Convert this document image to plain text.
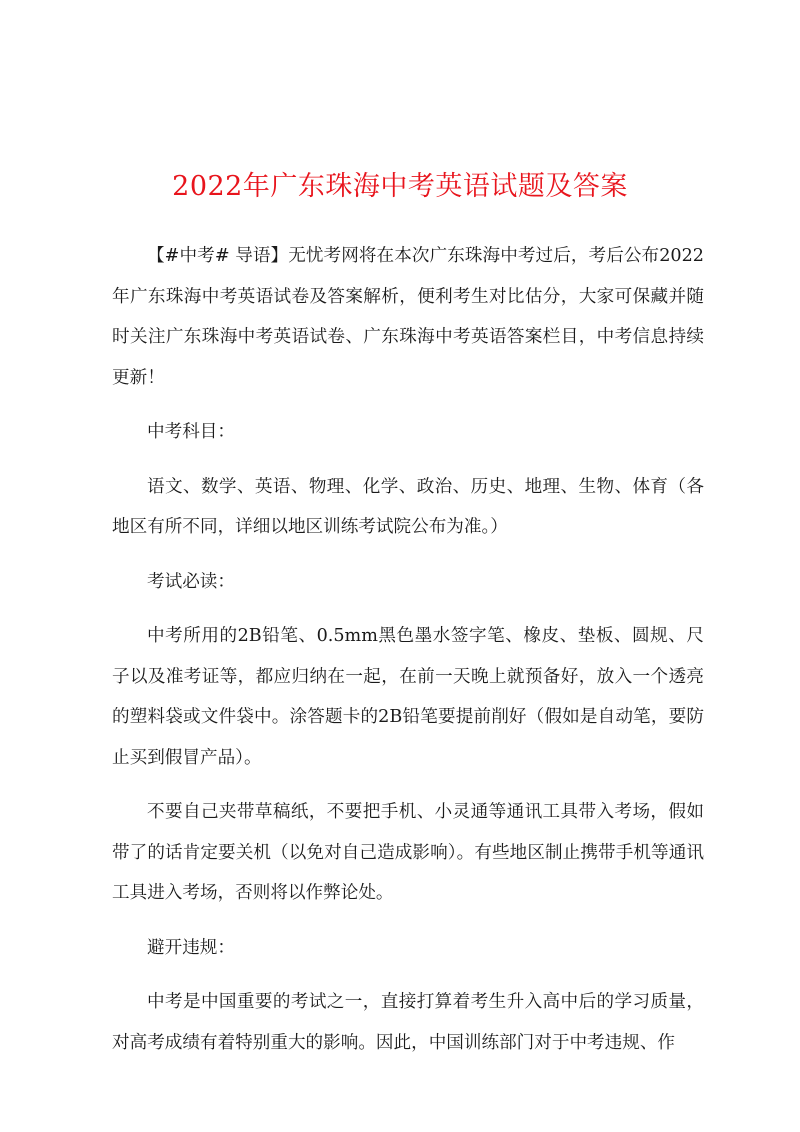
2022年广东珠海中考英语试题及答案

【#中考# 导语】无忧考网将在本次广东珠海中考过后，考后公布2022年广东珠海中考英语试卷及答案解析，便利考生对比估分，大家可保藏并随时关注广东珠海中考英语试卷、广东珠海中考英语答案栏目，中考信息持续更新！

中考科目：

语文、数学、英语、物理、化学、政治、历史、地理、生物、体育（各地区有所不同，详细以地区训练考试院公布为准。）

考试必读：

中考所用的2B铅笔、0.5mm黑色墨水签字笔、橡皮、垫板、圆规、尺子以及准考证等，都应归纳在一起，在前一天晚上就预备好，放入一个透亮的塑料袋或文件袋中。涂答题卡的2B铅笔要提前削好（假如是自动笔，要防止买到假冒产品）。

不要自己夹带草稿纸，不要把手机、小灵通等通讯工具带入考场，假如带了的话肯定要关机（以免对自己造成影响）。有些地区制止携带手机等通讯工具进入考场，否则将以作弊论处。

避开违规：

中考是中国重要的考试之一，直接打算着考生升入高中后的学习质量，对高考成绩有着特别重大的影响。因此，中国训练部门对于中考违规、作
